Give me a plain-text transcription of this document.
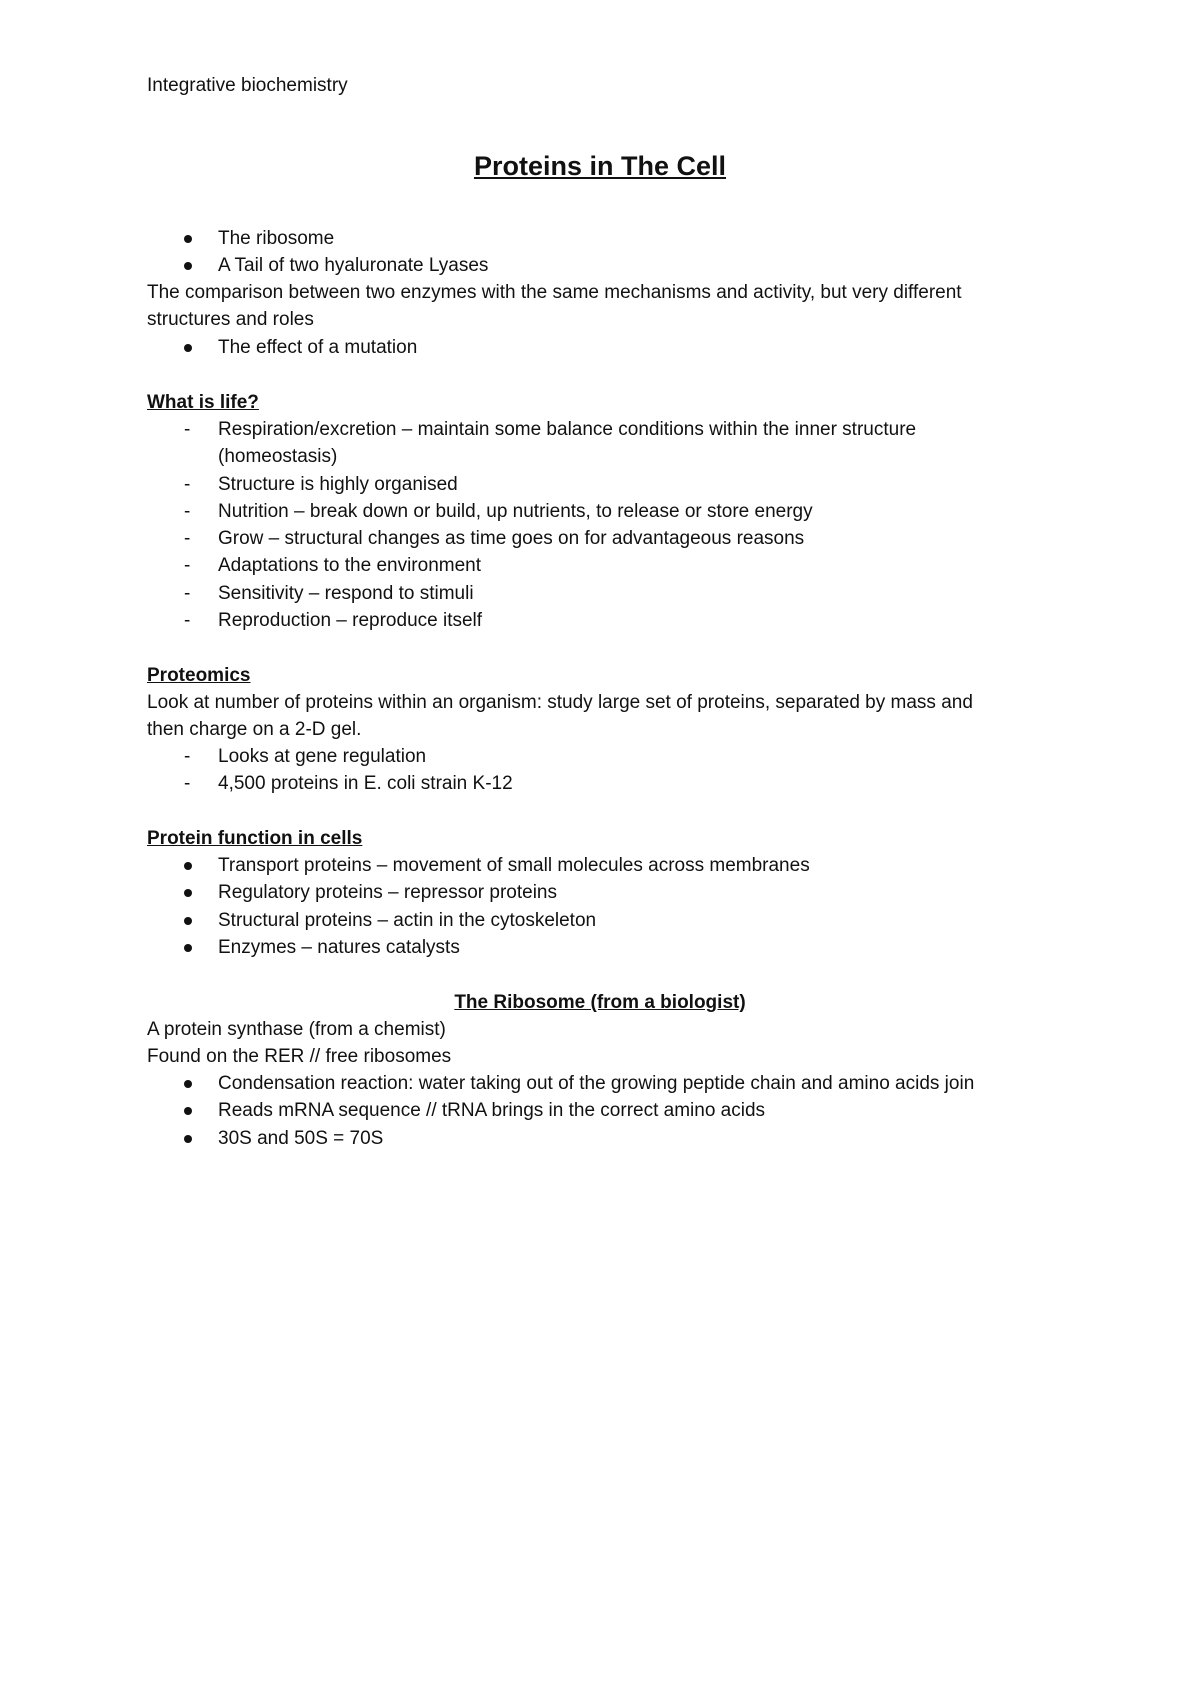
Integrative biochemistry
Proteins in The Cell
The ribosome
A Tail of two hyaluronate Lyases
The comparison between two enzymes with the same mechanisms and activity, but very different
structures and roles
The effect of a mutation
What is life?
- Respiration/excretion – maintain some balance conditions within the inner structure
(homeostasis)
- Structure is highly organised
- Nutrition – break down or build, up nutrients, to release or store energy
- Grow – structural changes as time goes on for advantageous reasons
- Adaptations to the environment
- Sensitivity – respond to stimuli
- Reproduction – reproduce itself
Proteomics
Look at number of proteins within an organism: study large set of proteins, separated by mass and
then charge on a 2-D gel.
- Looks at gene regulation
- 4,500 proteins in E. coli strain K-12
Protein function in cells
Transport proteins – movement of small molecules across membranes
Regulatory proteins – repressor proteins
Structural proteins – actin in the cytoskeleton
Enzymes – natures catalysts
The Ribosome (from a biologist)
A protein synthase (from a chemist)
Found on the RER // free ribosomes
Condensation reaction: water taking out of the growing peptide chain and amino acids join
Reads mRNA sequence // tRNA brings in the correct amino acids
30S and 50S = 70S
